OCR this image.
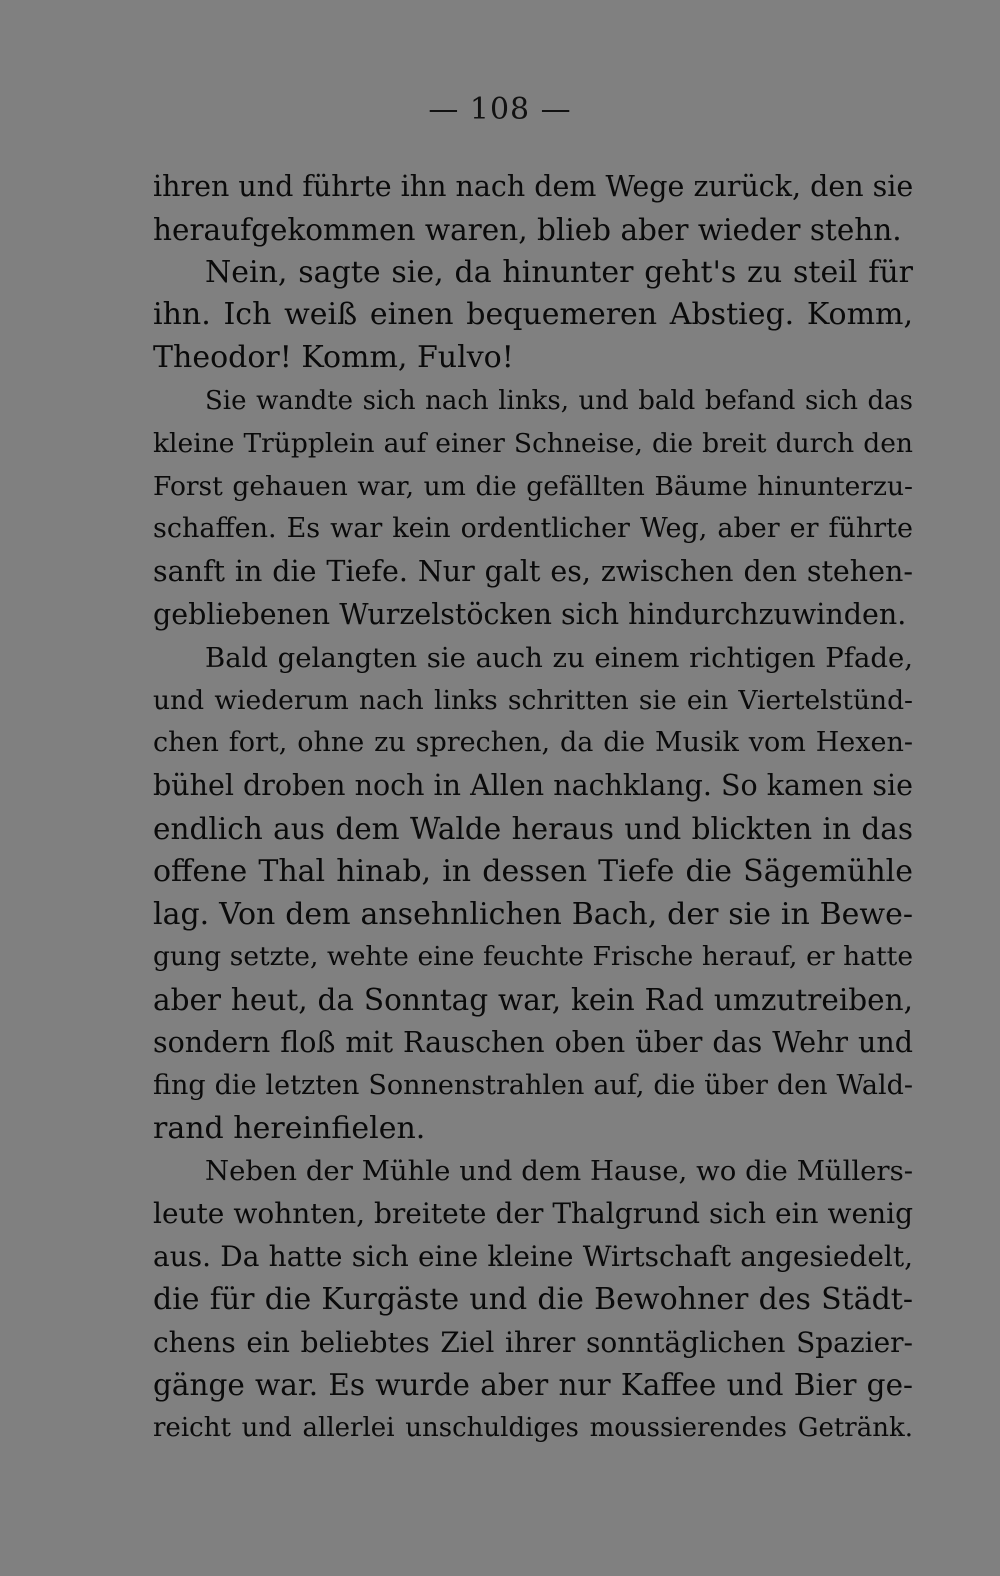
— 108 —
ihren und führte ihn nach dem Wege zurück, den sie
heraufgekommen waren, blieb aber wieder stehn.
Nein, sagte sie, da hinunter geht's zu steil für
ihn. Ich weiß einen bequemeren Abstieg. Komm,
Theodor! Komm, Fulvo!
Sie wandte sich nach links, und bald befand sich das
kleine Trüpplein auf einer Schneise, die breit durch den
Forst gehauen war, um die gefällten Bäume hinunterzu-
schaffen. Es war kein ordentlicher Weg, aber er führte
sanft in die Tiefe. Nur galt es, zwischen den stehen-
gebliebenen Wurzelstöcken sich hindurchzuwinden.
Bald gelangten sie auch zu einem richtigen Pfade,
und wiederum nach links schritten sie ein Viertelstünd-
chen fort, ohne zu sprechen, da die Musik vom Hexen-
bühel droben noch in Allen nachklang. So kamen sie
endlich aus dem Walde heraus und blickten in das
offene Thal hinab, in dessen Tiefe die Sägemühle
lag. Von dem ansehnlichen Bach, der sie in Bewe-
gung setzte, wehte eine feuchte Frische herauf, er hatte
aber heut, da Sonntag war, kein Rad umzutreiben,
sondern floß mit Rauschen oben über das Wehr und
fing die letzten Sonnenstrahlen auf, die über den Wald-
rand hereinfielen.
Neben der Mühle und dem Hause, wo die Müllers-
leute wohnten, breitete der Thalgrund sich ein wenig
aus. Da hatte sich eine kleine Wirtschaft angesiedelt,
die für die Kurgäste und die Bewohner des Städt-
chens ein beliebtes Ziel ihrer sonntäglichen Spazier-
gänge war. Es wurde aber nur Kaffee und Bier ge-
reicht und allerlei unschuldiges moussierendes Getränk.
